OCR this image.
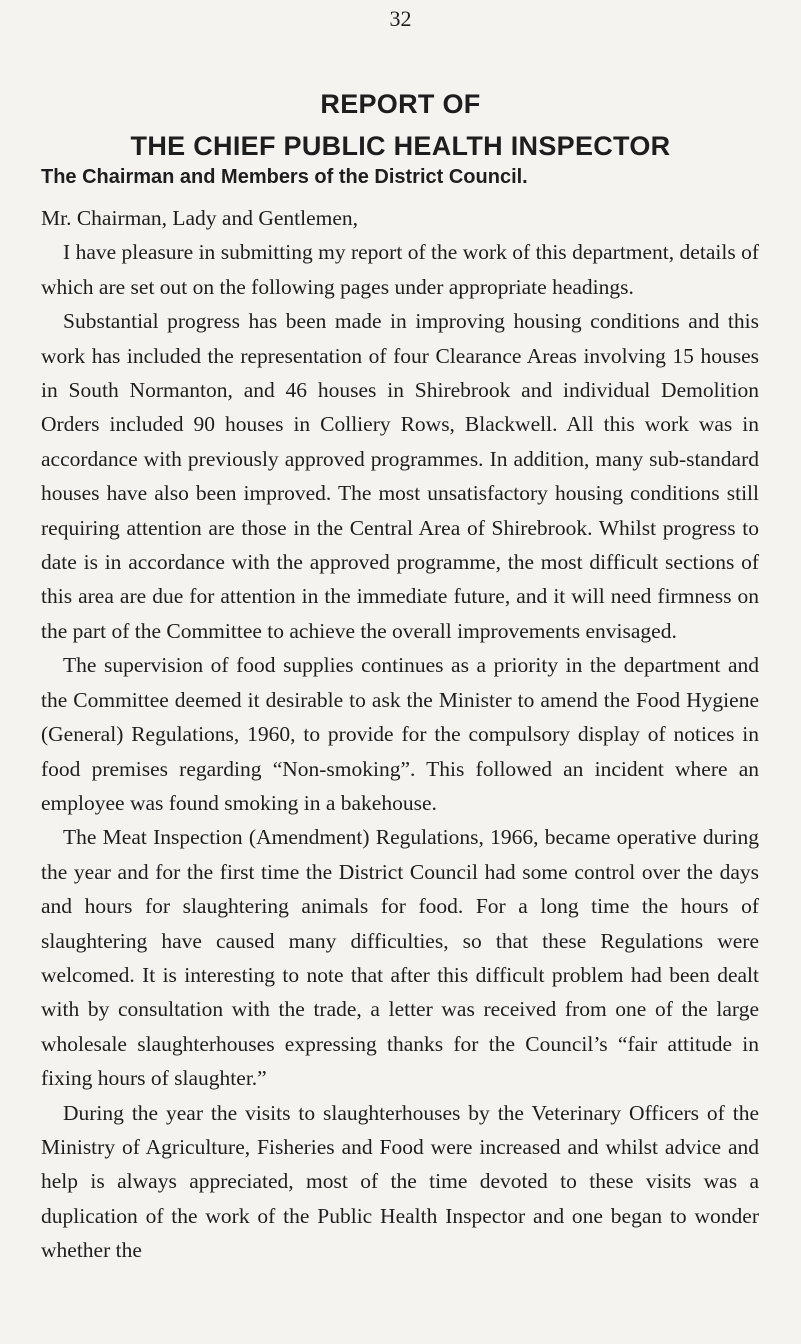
32
REPORT OF
THE CHIEF PUBLIC HEALTH INSPECTOR
The Chairman and Members of the District Council.

Mr. Chairman, Lady and Gentlemen,

I have pleasure in submitting my report of the work of this department, details of which are set out on the following pages under appropriate headings.

Substantial progress has been made in improving housing conditions and this work has included the representation of four Clearance Areas involving 15 houses in South Normanton, and 46 houses in Shirebrook and individual Demolition Orders included 90 houses in Colliery Rows, Blackwell. All this work was in accordance with previously approved programmes. In addition, many sub-standard houses have also been improved. The most unsatisfactory housing conditions still requiring attention are those in the Central Area of Shirebrook. Whilst progress to date is in accordance with the approved programme, the most difficult sections of this area are due for attention in the immediate future, and it will need firmness on the part of the Committee to achieve the overall improvements envisaged.

The supervision of food supplies continues as a priority in the department and the Committee deemed it desirable to ask the Minister to amend the Food Hygiene (General) Regulations, 1960, to provide for the compulsory display of notices in food premises regarding “Non-smoking”. This followed an incident where an employee was found smoking in a bakehouse.

The Meat Inspection (Amendment) Regulations, 1966, became operative during the year and for the first time the District Council had some control over the days and hours for slaughtering animals for food. For a long time the hours of slaughtering have caused many difficulties, so that these Regulations were welcomed. It is interesting to note that after this difficult problem had been dealt with by consultation with the trade, a letter was received from one of the large wholesale slaughterhouses expressing thanks for the Council’s “fair attitude in fixing hours of slaughter.”

During the year the visits to slaughterhouses by the Veterinary Officers of the Ministry of Agriculture, Fisheries and Food were increased and whilst advice and help is always appreciated, most of the time devoted to these visits was a duplication of the work of the Public Health Inspector and one began to wonder whether the
